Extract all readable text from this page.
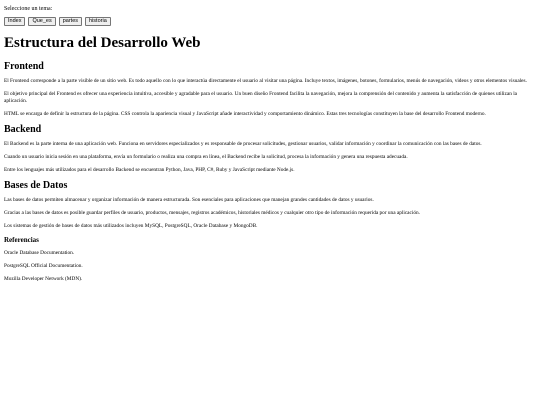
Seleccione un tema:
Index	Que_es	partes	historia
Estructura del Desarrollo Web
Frontend

El Frontend corresponde a la parte visible de un sitio web. Es todo aquello con lo que interactúa directamente el usuario al visitar una página. Incluye textos, imágenes, botones, formularios, menús de navegación, videos y otros elementos visuales.

El objetivo principal del Frontend es ofrecer una experiencia intuitiva, accesible y agradable para el usuario. Un buen diseño Frontend facilita la navegación, mejora la comprensión del contenido y aumenta la satisfacción de quienes utilizan la aplicación.

HTML se encarga de definir la estructura de la página. CSS controla la apariencia visual y JavaScript añade interactividad y comportamiento dinámico. Estas tres tecnologías constituyen la base del desarrollo Frontend moderno.

Backend

El Backend es la parte interna de una aplicación web. Funciona en servidores especializados y es responsable de procesar solicitudes, gestionar usuarios, validar información y coordinar la comunicación con las bases de datos.

Cuando un usuario inicia sesión en una plataforma, envía un formulario o realiza una compra en línea, el Backend recibe la solicitud, procesa la información y genera una respuesta adecuada.

Entre los lenguajes más utilizados para el desarrollo Backend se encuentran Python, Java, PHP, C#, Ruby y JavaScript mediante Node.js.

Bases de Datos

Las bases de datos permiten almacenar y organizar información de manera estructurada. Son esenciales para aplicaciones que manejan grandes cantidades de datos y usuarios.

Gracias a las bases de datos es posible guardar perfiles de usuario, productos, mensajes, registros académicos, historiales médicos y cualquier otro tipo de información requerida por una aplicación.

Los sistemas de gestión de bases de datos más utilizados incluyen MySQL, PostgreSQL, Oracle Database y MongoDB.

Referencias

Oracle Database Documentation.

PostgreSQL Official Documentation.

Mozilla Developer Network (MDN).
